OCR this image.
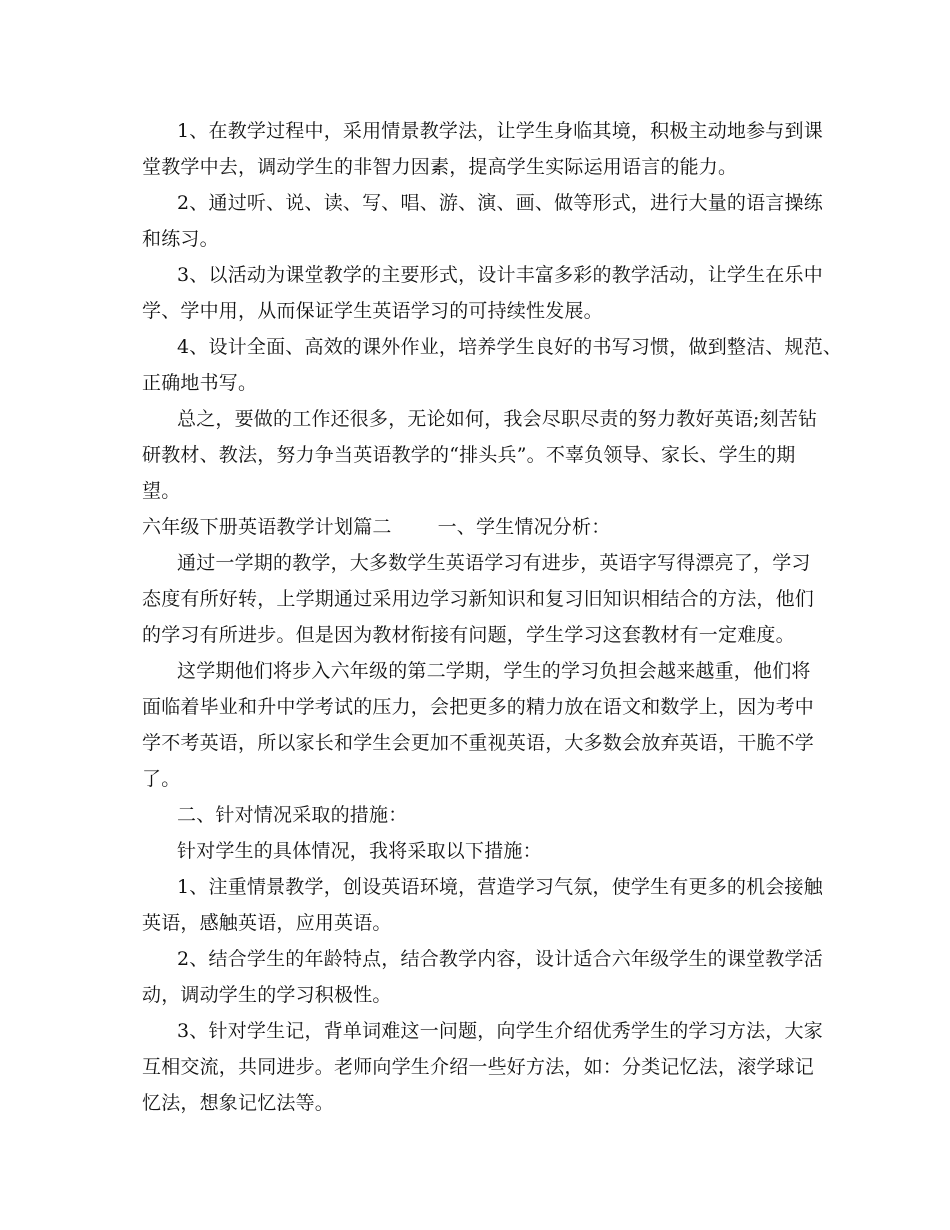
1、在教学过程中，采用情景教学法，让学生身临其境，积极主动地参与到课
堂教学中去，调动学生的非智力因素，提高学生实际运用语言的能力。
2、通过听、说、读、写、唱、游、演、画、做等形式，进行大量的语言操练
和练习。
3、以活动为课堂教学的主要形式，设计丰富多彩的教学活动，让学生在乐中
学、学中用，从而保证学生英语学习的可持续性发展。
4、设计全面、高效的课外作业，培养学生良好的书写习惯，做到整洁、规范、
正确地书写。
总之，要做的工作还很多，无论如何，我会尽职尽责的努力教好英语;刻苦钻
研教材、教法，努力争当英语教学的“排头兵”。不辜负领导、家长、学生的期
望。
六年级下册英语教学计划篇二 一、学生情况分析：
通过一学期的教学，大多数学生英语学习有进步，英语字写得漂亮了，学习
态度有所好转，上学期通过采用边学习新知识和复习旧知识相结合的方法，他们
的学习有所进步。但是因为教材衔接有问题，学生学习这套教材有一定难度。
这学期他们将步入六年级的第二学期，学生的学习负担会越来越重，他们将
面临着毕业和升中学考试的压力，会把更多的精力放在语文和数学上，因为考中
学不考英语，所以家长和学生会更加不重视英语，大多数会放弃英语，干脆不学
了。
二、针对情况采取的措施：
针对学生的具体情况，我将采取以下措施：
1、注重情景教学，创设英语环境，营造学习气氛，使学生有更多的机会接触
英语，感触英语，应用英语。
2、结合学生的年龄特点，结合教学内容，设计适合六年级学生的课堂教学活
动，调动学生的学习积极性。
3、针对学生记，背单词难这一问题，向学生介绍优秀学生的学习方法，大家
互相交流，共同进步。老师向学生介绍一些好方法，如：分类记忆法，滚学球记
忆法，想象记忆法等。
